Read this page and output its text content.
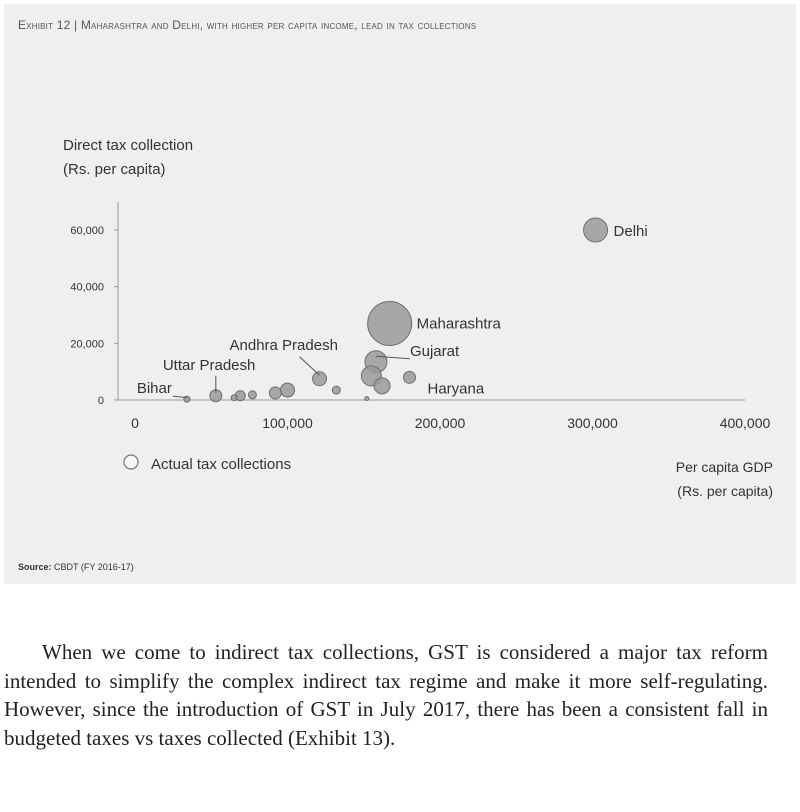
Exhibit 12 | Maharashtra and Delhi, with higher per capita income, lead in tax collections
Direct tax collection
(Rs. per capita)
0
20,000
40,000
60,000
0	100,000	200,000	300,000	400,000
Delhi
Maharashtra
Gujarat
Haryana
Andhra Pradesh
Uttar Pradesh
Bihar
Actual tax collections	Per capita GDP
(Rs. per capita)
Source: CBDT (FY 2016-17)

When we come to indirect tax collections, GST is considered a major tax reform intended to simplify the complex indirect tax regime and make it more self-regulating. However, since the introduction of GST in July 2017, there has been a consistent fall in budgeted taxes vs taxes collected (Exhibit 13).
